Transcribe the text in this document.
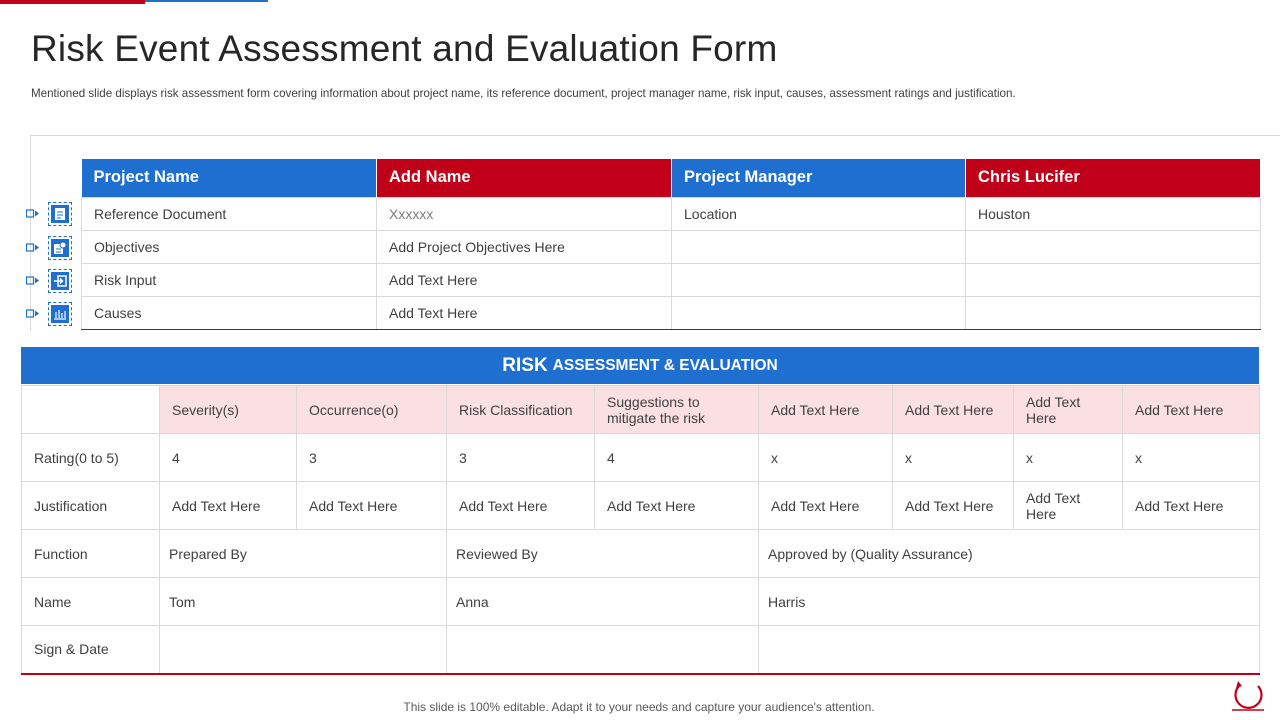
Risk Event Assessment and Evaluation Form

Mentioned slide displays risk assessment form covering information about project name, its reference document, project manager name, risk input, causes, assessment ratings and justification.

Project Name	Add Name	Project Manager	Chris Lucifer
Reference Document	Xxxxxx	Location	Houston
Objectives	Add Project Objectives Here		
Risk Input	Add Text Here		
Causes	Add Text Here		
RISK ASSESSMENT & EVALUATION
	Severity(s)	Occurrence(o)	Risk Classification	Suggestions to mitigate the risk	Add Text Here	Add Text Here	Add Text Here	Add Text Here
Rating(0 to 5)	4	3	3	4	x	x	x	x
Justification	Add Text Here	Add Text Here	Add Text Here	Add Text Here	Add Text Here	Add Text Here	Add Text Here	Add Text Here
Function	Prepared By		Reviewed By		Approved by (Quality Assurance)			
Name	Tom		Anna		Harris			
Sign & Date								

This slide is 100% editable. Adapt it to your needs and capture your audience's attention.
